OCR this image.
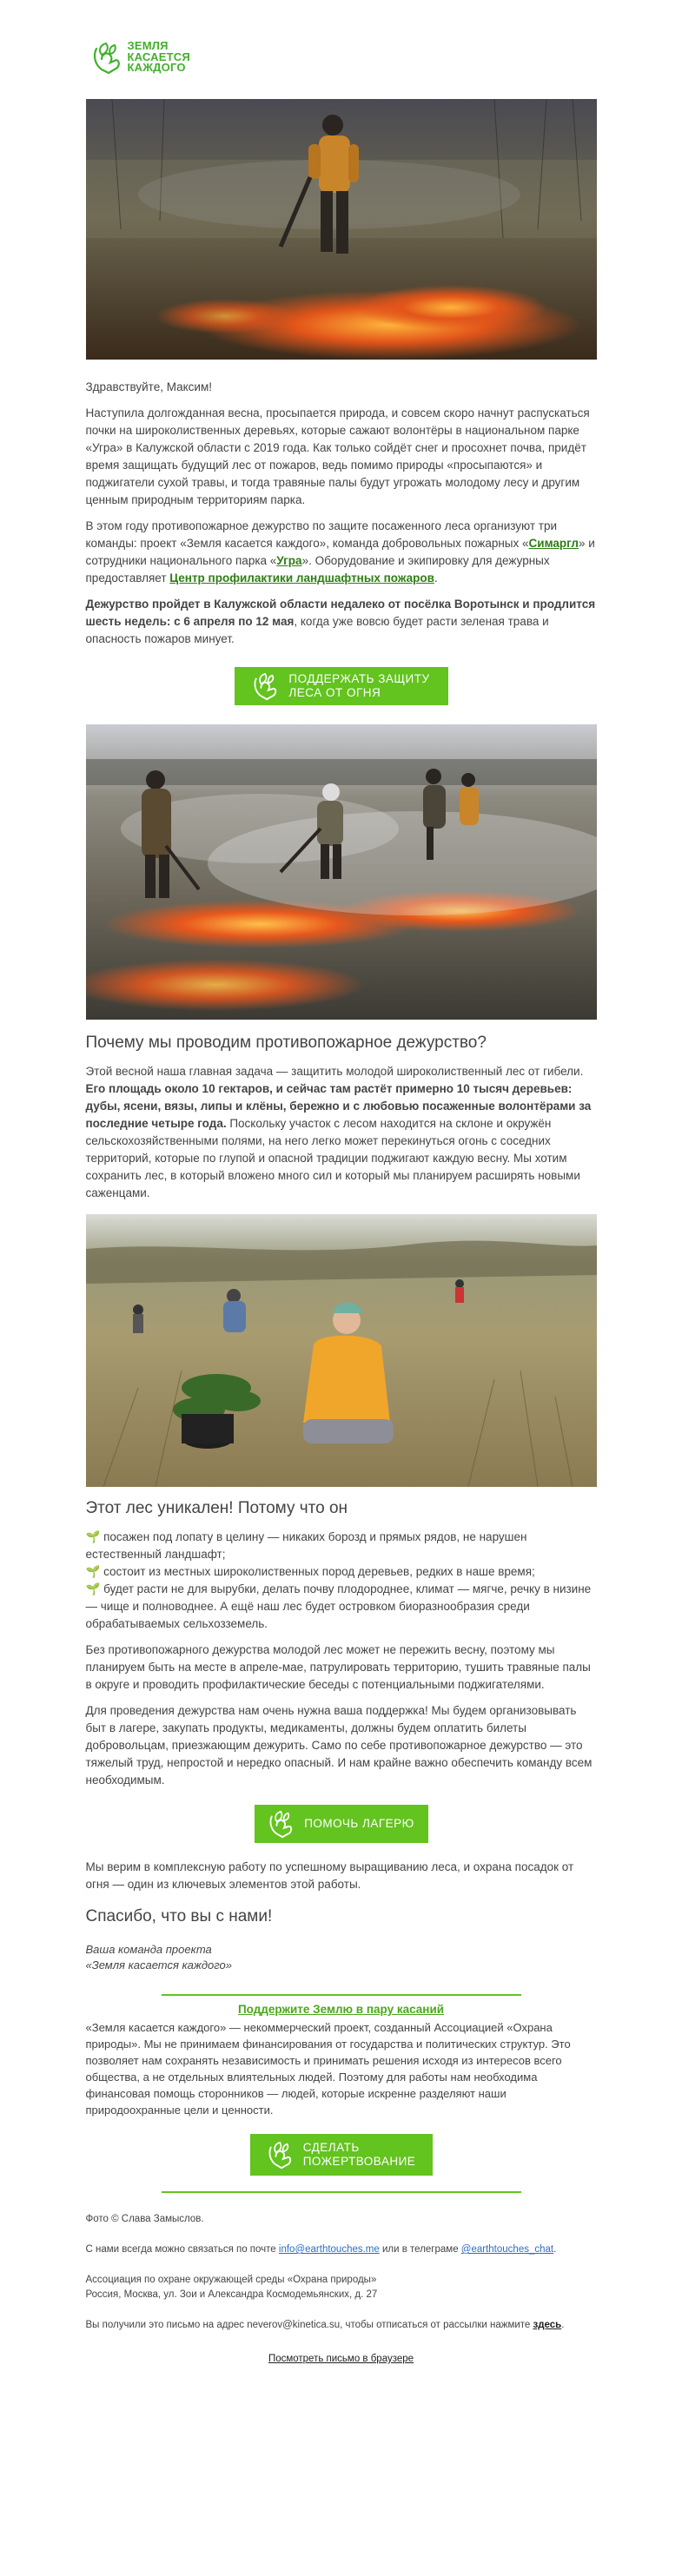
ЗЕМЛЯ
КАСАЕТСЯ
КАЖДОГО

Здравствуйте, Максим!

Наступила долгожданная весна, просыпается природа, и совсем скоро начнут распускаться почки на широколиственных деревьях, которые сажают волонтёры в национальном парке «Угра» в Калужской области с 2019 года. Как только сойдёт снег и просохнет почва, придёт время защищать будущий лес от пожаров, ведь помимо природы «просыпаются» и поджигатели сухой травы, и тогда травяные палы будут угрожать молодому лесу и другим ценным природным территориям парка.

В этом году противопожарное дежурство по защите посаженного леса организуют три команды: проект «Земля касается каждого», команда добровольных пожарных «Симаргл» и сотрудники национального парка «Угра». Оборудование и экипировку для дежурных предоставляет Центр профилактики ландшафтных пожаров.

Дежурство пройдет в Калужской области недалеко от посёлка Воротынск и продлится шесть недель: с 6 апреля по 12 мая, когда уже вовсю будет расти зеленая трава и опасность пожаров минует.

ПОДДЕРЖАТЬ ЗАЩИТУ
ЛЕСА ОТ ОГНЯ
Почему мы проводим противопожарное дежурство?

Этой весной наша главная задача — защитить молодой широколиственный лес от гибели. Его площадь около 10 гектаров, и сейчас там растёт примерно 10 тысяч деревьев: дубы, ясени, вязы, липы и клёны, бережно и с любовью посаженные волонтёрами за последние четыре года. Поскольку участок с лесом находится на склоне и окружён сельскохозяйственными полями, на него легко может перекинуться огонь с соседних территорий, которые по глупой и опасной традиции поджигают каждую весну. Мы хотим сохранить лес, в который вложено много сил и который мы планируем расширять новыми саженцами.

Этот лес уникален! Потому что он
🌱 посажен под лопату в целину — никаких борозд и прямых рядов, не нарушен естественный ландшафт;
🌱 состоит из местных широколиственных пород деревьев, редких в наше время;
🌱 будет расти не для вырубки, делать почву плодороднее, климат — мягче, речку в низине — чище и полноводнее. А ещё наш лес будет островком биоразнообразия среди обрабатываемых сельхозземель.

Без противопожарного дежурства молодой лес может не пережить весну, поэтому мы планируем быть на месте в апреле-мае, патрулировать территорию, тушить травяные палы в округе и проводить профилактические беседы с потенциальными поджигателями.

Для проведения дежурства нам очень нужна ваша поддержка! Мы будем организовывать быт в лагере, закупать продукты, медикаменты, должны будем оплатить билеты добровольцам, приезжающим дежурить. Само по себе противопожарное дежурство — это тяжелый труд, непростой и нередко опасный. И нам крайне важно обеспечить команду всем необходимым.

ПОМОЧЬ ЛАГЕРЮ

Мы верим в комплексную работу по успешному выращиванию леса, и охрана посадок от огня — один из ключевых элементов этой работы.

Спасибо, что вы с нами!

Ваша команда проекта
«Земля касается каждого»

Поддержите Землю в пару касаний

«Земля касается каждого» — некоммерческий проект, созданный Ассоциацией «Охрана природы». Мы не принимаем финансирования от государства и политических структур. Это позволяет нам сохранять независимость и принимать решения исходя из интересов всего общества, а не отдельных влиятельных людей. Поэтому для работы нам необходима финансовая помощь сторонников — людей, которые искренне разделяют наши природоохранные цели и ценности.

СДЕЛАТЬ
ПОЖЕРТВОВАНИЕ

Фото © Слава Замыслов.

С нами всегда можно связаться по почте info@earthtouches.me или в телеграме @earthtouches_chat.

Ассоциация по охране окружающей среды «Охрана природы»
Россия, Москва, ул. Зои и Александра Космодемьянских, д. 27

Вы получили это письмо на адрес neverov@kinetica.su, чтобы отписаться от рассылки нажмите здесь.

Посмотреть письмо в браузере
